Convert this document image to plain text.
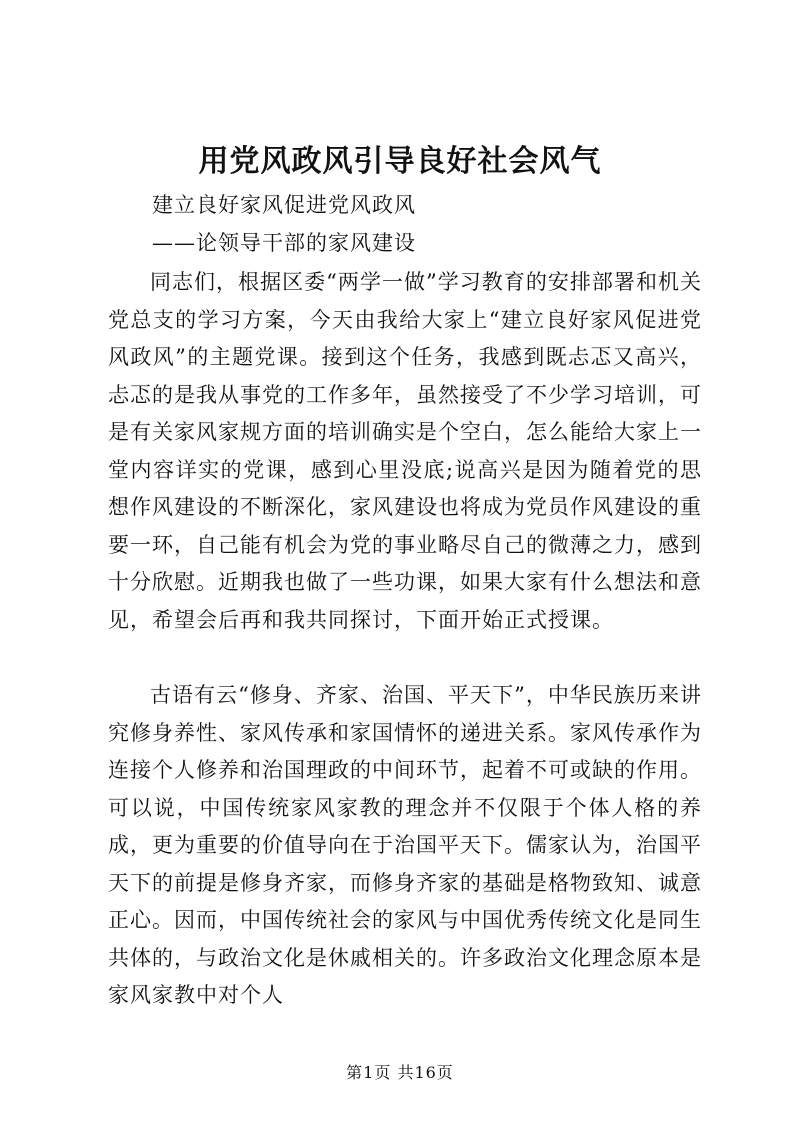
用党风政风引导良好社会风气
建立良好家风促进党风政风
——论领导干部的家风建设

同志们，根据区委“两学一做”学习教育的安排部署和机关党总支的学习方案，今天由我给大家上“建立良好家风促进党风政风”的主题党课。接到这个任务，我感到既忐忑又高兴，忐忑的是我从事党的工作多年，虽然接受了不少学习培训，可是有关家风家规方面的培训确实是个空白，怎么能给大家上一堂内容详实的党课，感到心里没底;说高兴是因为随着党的思想作风建设的不断深化，家风建设也将成为党员作风建设的重要一环，自己能有机会为党的事业略尽自己的微薄之力，感到十分欣慰。近期我也做了一些功课，如果大家有什么想法和意见，希望会后再和我共同探讨，下面开始正式授课。

古语有云“修身、齐家、治国、平天下”，中华民族历来讲究修身养性、家风传承和家国情怀的递进关系。家风传承作为连接个人修养和治国理政的中间环节，起着不可或缺的作用。可以说，中国传统家风家教的理念并不仅限于个体人格的养成，更为重要的价值导向在于治国平天下。儒家认为，治国平天下的前提是修身齐家，而修身齐家的基础是格物致知、诚意正心。因而，中国传统社会的家风与中国优秀传统文化是同生共体的，与政治文化是休戚相关的。许多政治文化理念原本是家风家教中对个人

第1页 共16页
